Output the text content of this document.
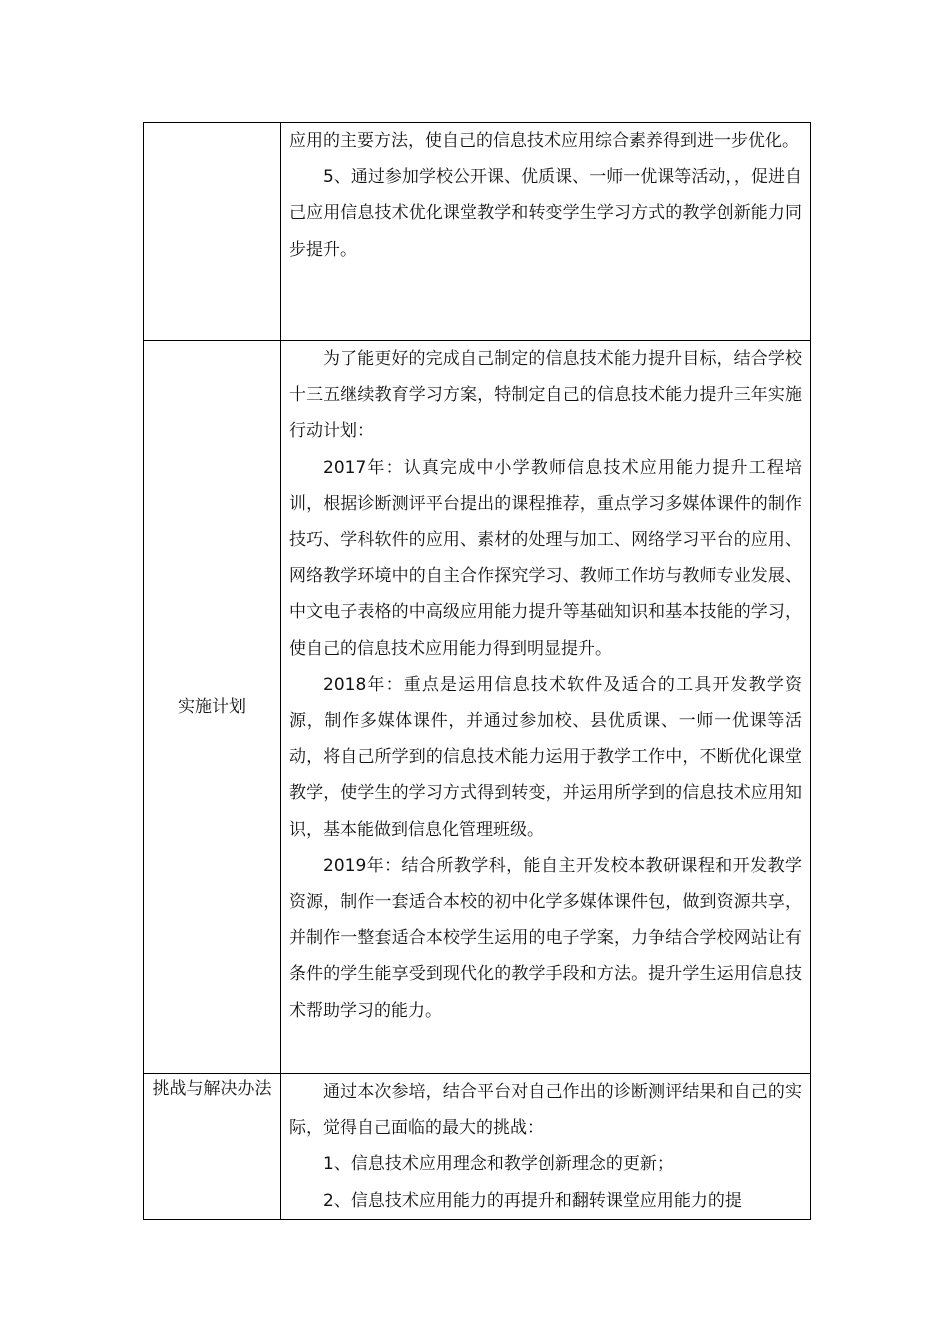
	应用的主要方法，使自己的信息技术应用综合素养得到进一步优化。

5、通过参加学校公开课、优质课、一师一优课等活动，，促进自己应用信息技术优化课堂教学和转变学生学习方式的教学创新能力同步提升。

实施计划	为了能更好的完成自己制定的信息技术能力提升目标，结合学校十三五继续教育学习方案，特制定自己的信息技术能力提升三年实施行动计划：

2017年：认真完成中小学教师信息技术应用能力提升工程培训，根据诊断测评平台提出的课程推荐，重点学习多媒体课件的制作技巧、学科软件的应用、素材的处理与加工、网络学习平台的应用、网络教学环境中的自主合作探究学习、教师工作坊与教师专业发展、中文电子表格的中高级应用能力提升等基础知识和基本技能的学习，使自己的信息技术应用能力得到明显提升。

2018年：重点是运用信息技术软件及适合的工具开发教学资源，制作多媒体课件，并通过参加校、县优质课、一师一优课等活动，将自己所学到的信息技术能力运用于教学工作中，不断优化课堂教学，使学生的学习方式得到转变，并运用所学到的信息技术应用知识，基本能做到信息化管理班级。

2019年：结合所教学科，能自主开发校本教研课程和开发教学资源，制作一套适合本校的初中化学多媒体课件包，做到资源共享，并制作一整套适合本校学生运用的电子学案，力争结合学校网站让有条件的学生能享受到现代化的教学手段和方法。提升学生运用信息技术帮助学习的能力。

挑战与解决办法	通过本次参培，结合平台对自己作出的诊断测评结果和自己的实际，觉得自己面临的最大的挑战：

1、信息技术应用理念和教学创新理念的更新；

2、信息技术应用能力的再提升和翻转课堂应用能力的提
